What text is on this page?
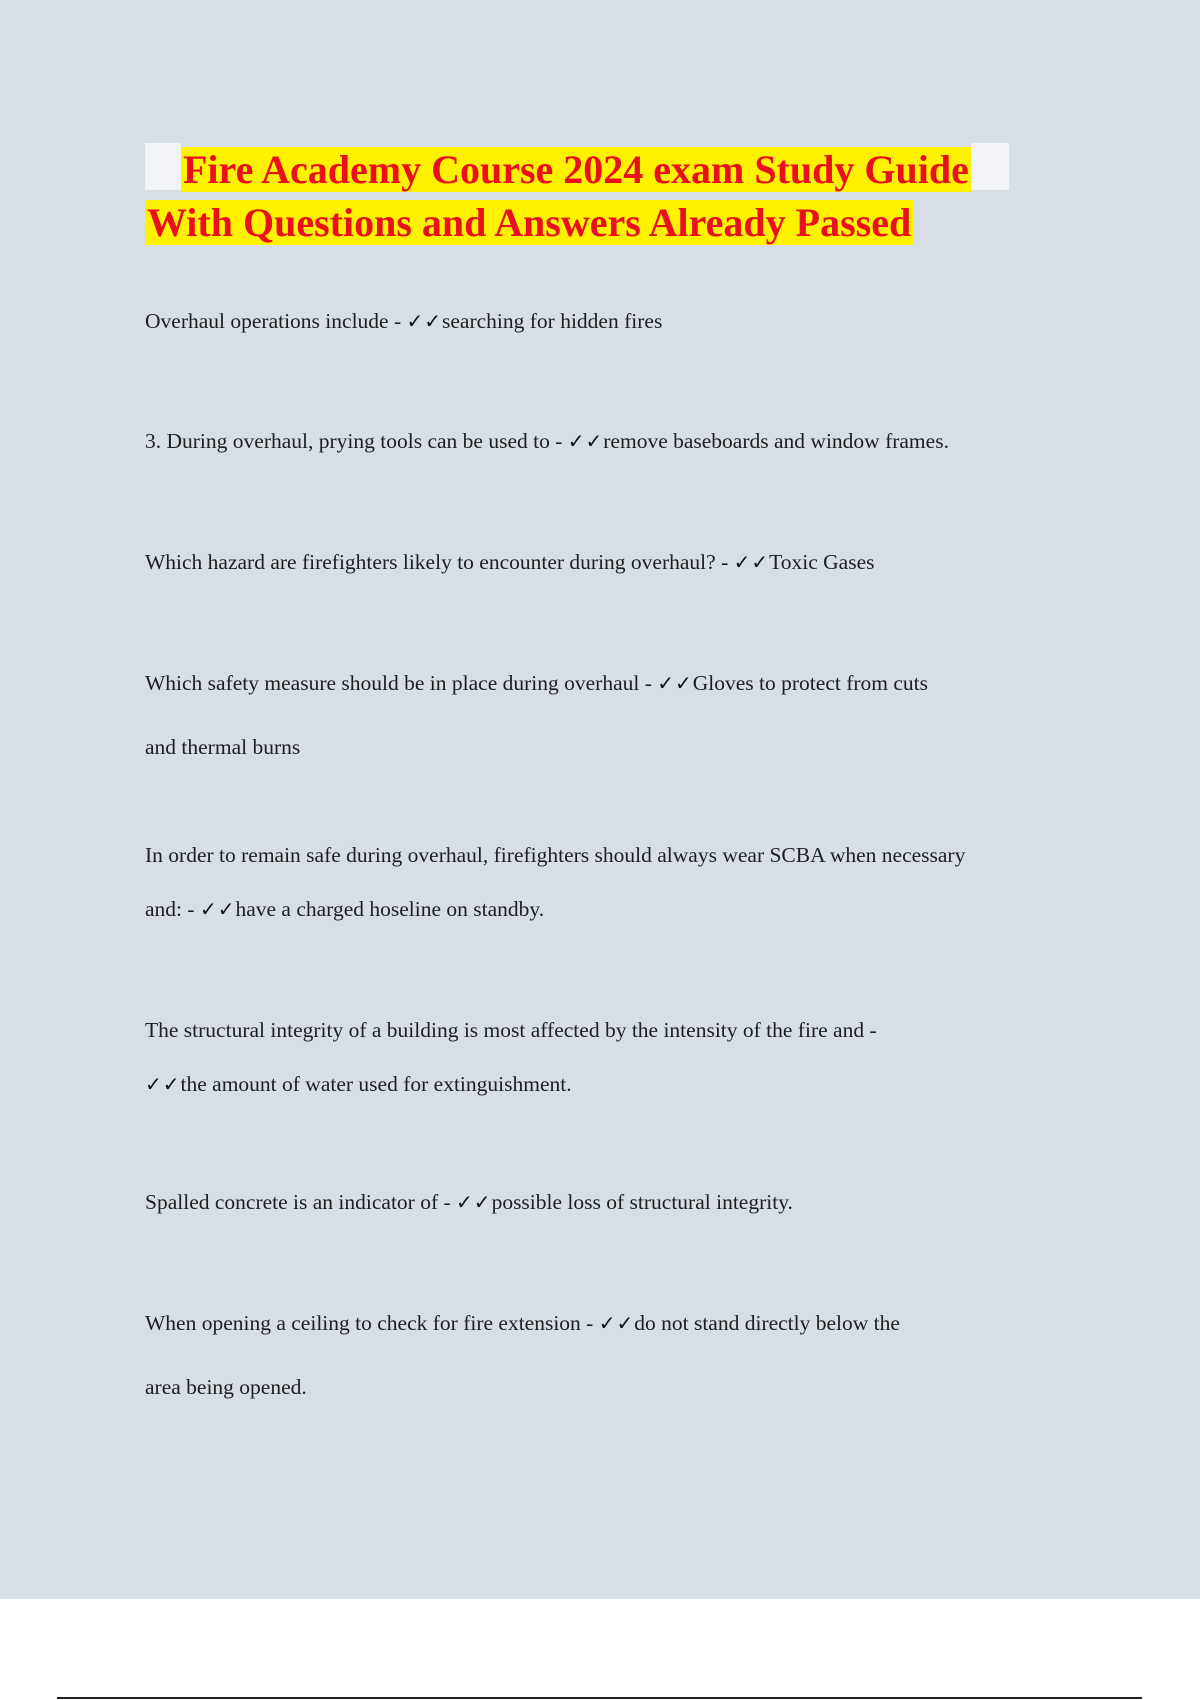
Fire Academy Course 2024 exam Study Guide
With Questions and Answers Already Passed
Overhaul operations include - ✓✓searching for hidden fires
3. During overhaul, prying tools can be used to - ✓✓remove baseboards and window frames.
Which hazard are firefighters likely to encounter during overhaul? - ✓✓Toxic Gases
Which safety measure should be in place during overhaul - ✓✓Gloves to protect from cuts
and thermal burns
In order to remain safe during overhaul, firefighters should always wear SCBA when necessary
and: - ✓✓have a charged hoseline on standby.
The structural integrity of a building is most affected by the intensity of the fire and -
✓✓the amount of water used for extinguishment.
Spalled concrete is an indicator of - ✓✓possible loss of structural integrity.
When opening a ceiling to check for fire extension - ✓✓do not stand directly below the
area being opened.
